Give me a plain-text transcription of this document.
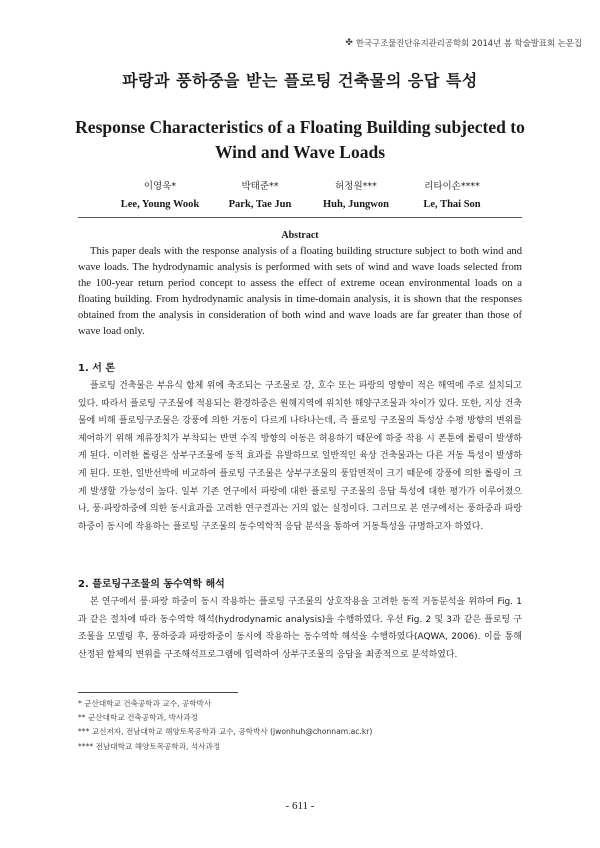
✤ 한국구조물진단유지관리공학회 2014년 봄 학술발표회 논문집
파랑과 풍하중을 받는 플로팅 건축물의 응답 특성
Response Characteristics of a Floating Building subjected to Wind and Wave Loads
이영욱*
Lee, Young Wook
박태준**
Park, Tae Jun
허정원***
Huh, Jungwon
리타이손****
Le, Thai Son
Abstract

This paper deals with the response analysis of a floating building structure subject to both wind and wave loads. The hydrodynamic analysis is performed with sets of wind and wave loads selected from the 100-year return period concept to assess the effect of extreme ocean environmental loads on a floating building. From hydrodynamic analysis in time-domain analysis, it is shown that the responses obtained from the analysis in consideration of both wind and wave loads are far greater than those of wave load only.

1. 서 론

플로팅 건축물은 부유식 함체 위에 축조되는 구조물로 강, 호수 또는 파랑의 영향이 적은 해역에 주로 설치되고 있다. 따라서 플로팅 구조물에 적용되는 환경하중은 원해지역에 위치한 해양구조물과 차이가 있다. 또한, 지상 건축물에 비해 플로팅구조물은 강풍에 의한 거동이 다르게 나타나는데, 즉 플로팅 구조물의 특성상 수평 방향의 변위를 제어하기 위해 계류장치가 부착되는 반면 수직 방향의 이동은 허용하기 때문에 하중 작용 시 폰툰에 롤링이 발생하게 된다. 이러한 롤링은 상부구조물에 동적 효과를 유발하므로 일반적인 육상 건축물과는 다른 거동 특성이 발생하게 된다. 또한, 일반선박에 비교하여 플로팅 구조물은 상부구조물의 풍압면적이 크기 때문에 강풍에 의한 롤링이 크게 발생할 가능성이 높다. 일부 기존 연구에서 파랑에 대한 플로팅 구조물의 응답 특성에 대한 평가가 이루어졌으나, 풍·파랑하중에 의한 동시효과를 고려한 연구결과는 거의 없는 실정이다. 그러므로 본 연구에서는 풍하중과 파랑 하중이 동시에 작용하는 플로팅 구조물의 동수역학적 응답 분석을 통하여 거동특성을 규명하고자 하였다.

2. 플로팅구조물의 동수역학 해석

본 연구에서 풍·파랑 하중이 동시 작용하는 플로팅 구조물의 상호작용을 고려한 동적 거동분석을 위하여 Fig. 1과 같은 절차에 따라 동수역학 해석(hydrodynamic analysis)을 수행하였다. 우선 Fig. 2 및 3과 같은 플로팅 구조물을 모델링 후, 풍하중과 파랑하중이 동시에 작용하는 동수역학 해석을 수행하였다(AQWA, 2006). 이를 통해 산정된 함체의 변위를 구조해석프로그램에 입력하여 상부구조물의 응답을 최종적으로 분석하였다.

* 군산대학교 건축공학과 교수, 공학박사
** 군산대학교 건축공학과, 박사과정
*** 교신저자, 전남대학교 해양토목공학과 교수, 공학박사 (jwonhuh@chonnam.ac.kr)
**** 전남대학교 해양토목공학과, 석사과정
- 611 -
